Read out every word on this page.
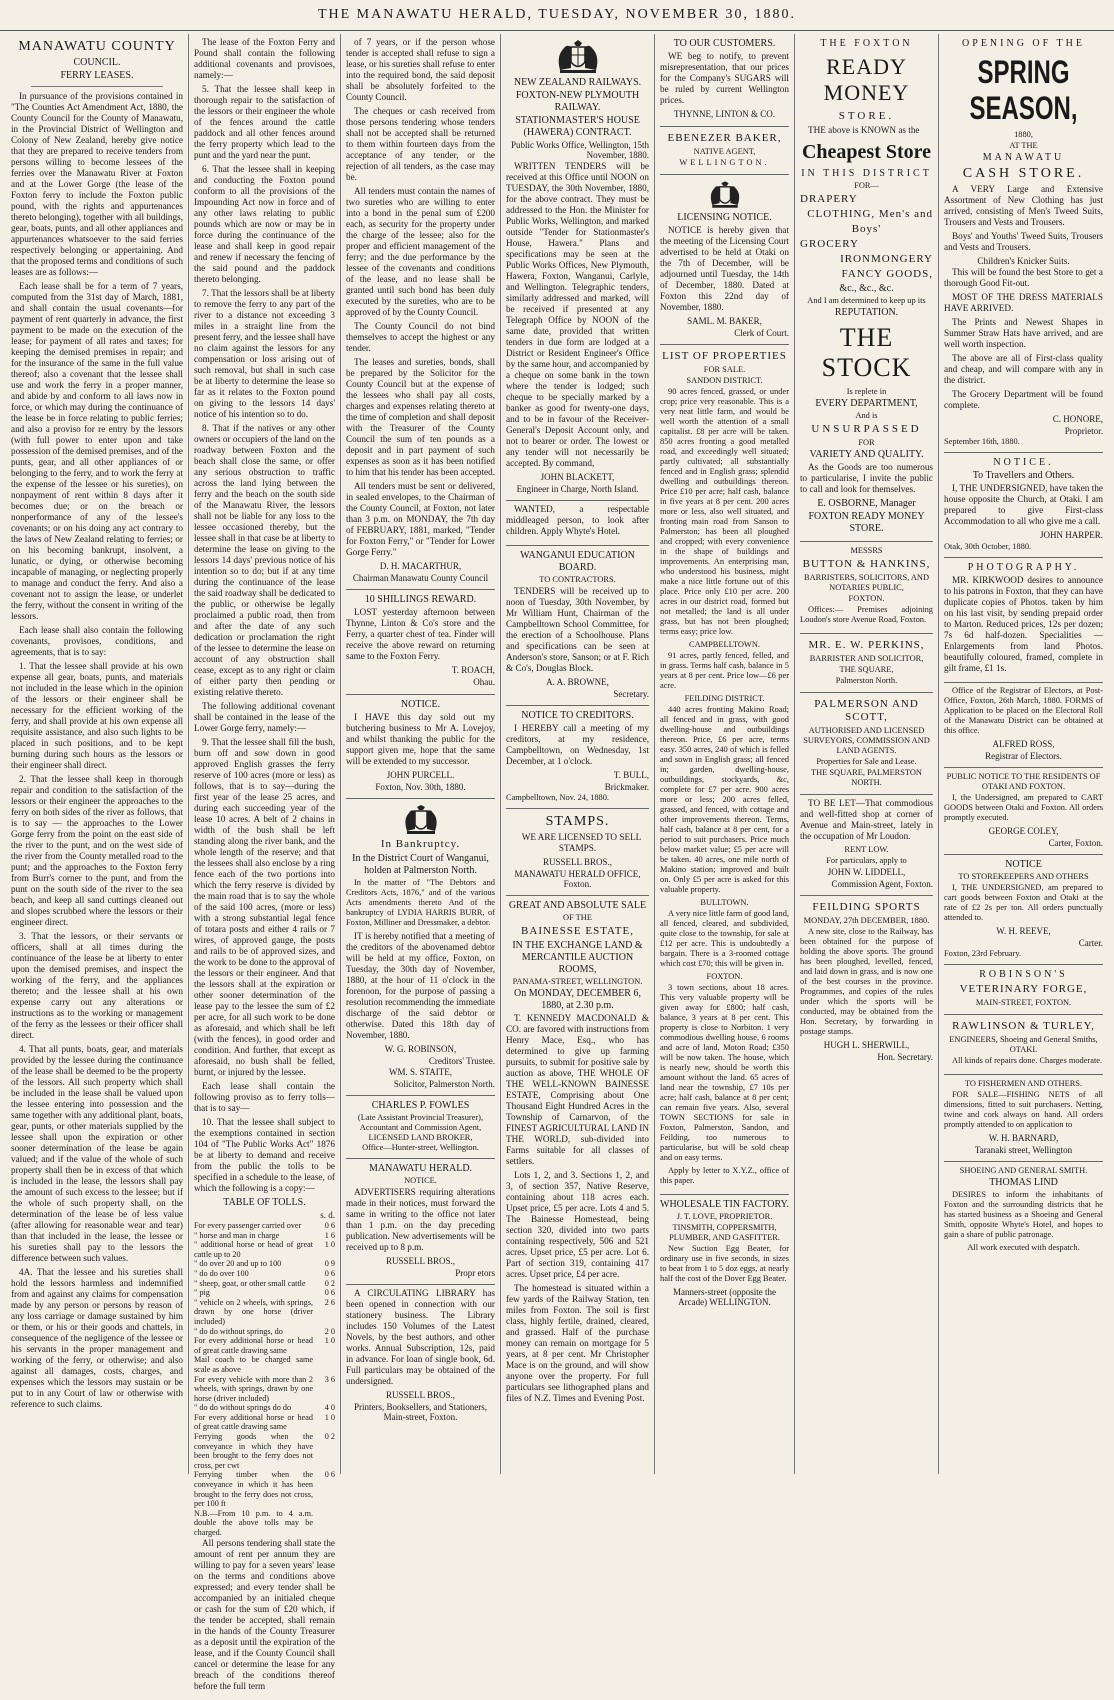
THE MANAWATU HERALD, TUESDAY, NOVEMBER 30, 1880.
MANAWATU COUNTY
COUNCIL.
FERRY LEASES.

In pursuance of the provisions contained in "The Counties Act Amendment Act, 1880, the County Council for the County of Manawatu, in the Provincial District of Wellington and Colony of New Zealand, hereby give notice that they are prepared to receive tenders from persons willing to become lessees of the ferries over the Manawatu River at Foxton and at the Lower Gorge (the lease of the Foxton ferry to include the Foxton public pound, with the rights and appurtenances thereto belonging), together with all buildings, gear, boats, punts, and all other appliances and appurtenances whatsoever to the said ferries respectively belonging or appertaining. And that the proposed terms and conditions of such leases are as follows:—

Each lease shall be for a term of 7 years, computed from the 31st day of March, 1881, and shall contain the usual covenants—for payment of rent quarterly in advance, the first payment to be made on the execution of the lease; for payment of all rates and taxes; for keeping the demised premises in repair; and for the insurance of the same in the full value thereof; also a covenant that the lessee shall use and work the ferry in a proper manner, and abide by and conform to all laws now in force, or which may during the continuance of the lease be in force relating to public ferries; and also a proviso for re entry by the lessors (with full power to enter upon and take possession of the demised premises, and of the punts, gear, and all other appliances of or belonging to the ferry, and to work the ferry at the expense of the lessee or his sureties), on nonpayment of rent within 8 days after it becomes due; or on the breach or nonperformance of any of the lessee's covenants; or on his doing any act contrary to the laws of New Zealand relating to ferries; or on his becoming bankrupt, insolvent, a lunatic, or dying, or otherwise becoming incapable of managing, or neglecting properly to manage and conduct the ferry. And also a covenant not to assign the lease, or underlet the ferry, without the consent in writing of the lessors.

Each lease shall also contain the following covenants, provisoes, conditions, and agreements, that is to say:

1. That the lessee shall provide at his own expense all gear, boats, punts, and materials not included in the lease which in the opinion of the lessors or their engineer shall be necessary for the efficient working of the ferry, and shall provide at his own expense all requisite assistance, and also such lights to be placed in such positions, and to be kept burning during such hours as the lessors or their engineer shall direct.

2. That the lessee shall keep in thorough repair and condition to the satisfaction of the lessors or their engineer the approaches to the ferry on both sides of the river as follows, that is to say — the approaches to the Lower Gorge ferry from the point on the east side of the river to the punt, and on the west side of the river from the County metalled road to the punt; and the approaches to the Foxton ferry from Burr's corner to the punt, and from the punt on the south side of the river to the sea beach, and keep all sand cuttings cleaned out and slopes scrubbed where the lessors or their engineer direct.

3. That the lessors, or their servants or officers, shall at all times during the continuance of the lease be at liberty to enter upon the demised premises, and inspect the working of the ferry, and the appliances thereto; and the lessee shall at his own expense carry out any alterations or instructions as to the working or management of the ferry as the lessees or their officer shall direct.

4. That all punts, boats, gear, and materials provided by the lessee during the continuance of the lease shall be deemed to be the property of the lessors. All such property which shall be included in the lease shall be valued upon the lessee entering into possession and the same together with any additional plant, boats, gear, punts, or other materials supplied by the lessee shall upon the expiration or other sooner determination of the lease be again valued; and if the value of the whole of such property shall then be in excess of that which is included in the lease, the lessors shall pay the amount of such excess to the lessee; but if the whole of such property shall, on the determination of the lease be of less value (after allowing for reasonable wear and tear) than that included in the lease, the lessee or his sureties shall pay to the lessors the difference between such values.

4A. That the lessee and his sureties shall hold the lessors harmless and indemnified from and against any claims for compensation made by any person or persons by reason of any loss carriage or damage sustained by him or them, or his or their goods and chattels, in consequence of the negligence of the lessee or his servants in the proper management and working of the ferry, or otherwise; and also against all damages, costs, charges, and expenses which the lessors may sustain or be put to in any Court of law or otherwise with reference to such claims.

The lease of the Foxton Ferry and Pound shall contain the following additional covenants and provisoes, namely:—

5. That the lessee shall keep in thorough repair to the satisfaction of the lessors or their engineer the whole of the fences around the cattle paddock and all other fences around the ferry property which lead to the punt and the yard near the punt.

6. That the lessee shall in keeping and conducting the Foxton pound conform to all the provisions of the Impounding Act now in force and of any other laws relating to public pounds which are now or may be in force during the continuance of the lease and shall keep in good repair and renew if necessary the fencing of the said pound and the paddock thereto belonging.

7. That the lessors shall be at liberty to remove the ferry to any part of the river to a distance not exceeding 3 miles in a straight line from the present ferry, and the lessee shall have no claim against the lessors for any compensation or loss arising out of such removal, but shall in such case be at liberty to determine the lease so far as it relates to the Foxton pound on giving to the lessors 14 days' notice of his intention so to do.

8. That if the natives or any other owners or occupiers of the land on the roadway between Foxton and the beach shall close the same, or offer any serious obstruction to traffic across the land lying between the ferry and the beach on the south side of the Manawatu River, the lessors shall not be liable for any loss to the lessee occasioned thereby, but the lessee shall in that case be at liberty to determine the lease on giving to the lessors 14 days' previous notice of his intention so to do; but if at any time during the continuance of the lease the said roadway shall be dedicated to the public, or otherwise be legally proclaimed a public road, then from and after the date of any such dedication or proclamation the right of the lessee to determine the lease on account of any obstruction shall cease, except as to any right or claim of either party then pending or existing relative thereto.

The following additional covenant shall be contained in the lease of the Lower Gorge ferry, namely:—

9. That the lessee shall fill the bush, burn off and sow down in good approved English grasses the ferry reserve of 100 acres (more or less) as follows, that is to say—during the first year of the lease 25 acres, and during each succeeding year of the lease 10 acres. A belt of 2 chains in width of the bush shall be left standing along the river bank, and the whole length of the reserve; and that the lessees shall also enclose by a ring fence each of the two portions into which the ferry reserve is divided by the main road that is to say the whole of the said 100 acres, (more or less) with a strong substantial legal fence of totara posts and either 4 rails or 7 wires, of approved gauge, the posts and rails to be of approved sizes, and the work to be done to the approval of the lessors or their engineer. And that the lessors shall at the expiration or other sooner determination of the lease pay to the lessee the sum of £2 per acre, for all such work to be done as aforesaid, and which shall be left (with the fences), in good order and condition. And further, that except as aforesaid, no bush shall be felled, burnt, or injured by the lessee.

Each lease shall contain the following proviso as to ferry tolls—that is to say—

10. That the lessee shall subject to the exemptions contained in section 104 of "The Public Works Act" 1876 be at liberty to demand and receive from the public the tolls to be specified in a schedule to the lease, of which the following is a copy:—

TABLE OF TOLLS.
s. d.
For every passenger carried over	0 6
" horse and man in charge	1 6
" additional horse or head of great cattle up to 20	1 0
" do over 20 and up to 100	0 9
" do do over 100	0 6
" sheep, goat, or other small cattle	0 2
" pig	0 6
" vehicle on 2 wheels, with springs, drawn by one horse (driver included)	2 6
" do do without springs, do	2 0
For every additional horse or head of great cattle drawing same	1 0
Mail coach to be charged same scale as above	
For every vehicle with more than 2 wheels, with springs, drawn by one horse (driver included)	3 6
" do do without springs do do	4 0
For every additional horse or head of great cattle drawing same	1 0
Ferrying goods when the conveyance in which they have been brought to the ferry does not cross, per cwt	0 2
Ferrying timber when the conveyance in which it has been brought to the ferry does not cross, per 100 ft	0 6
N.B.—From 10 p.m. to 4 a.m. double the above tolls may be charged.	

All persons tendering shall state the amount of rent per annum they are willing to pay for a seven years' lease on the terms and conditions above expressed; and every tender shall be accompanied by an initialed cheque or cash for the sum of £20 which, if the tender be accepted, shall remain in the hands of the County Treasurer as a deposit until the expiration of the lease, and if the County Council shall cancel or determine the lease for any breach of the conditions thereof before the full term

of 7 years, or if the person whose tender is accepted shall refuse to sign a lease, or his sureties shall refuse to enter into the required bond, the said deposit shall be absolutely forfeited to the County Council.

The cheques or cash received from those persons tendering whose tenders shall not be accepted shall be returned to them within fourteen days from the acceptance of any tender, or the rejection of all tenders, as the case may be.

All tenders must contain the names of two sureties who are willing to enter into a bond in the penal sum of £200 each, as security for the property under the charge of the lessee; also for the proper and efficient management of the ferry; and the due performance by the lessee of the covenants and conditions of the lease, and no lease shall be granted until such bond has been duly executed by the sureties, who are to be approved of by the County Council.

The County Council do not bind themselves to accept the highest or any tender.

The leases and sureties, bonds, shall be prepared by the Solicitor for the County Council but at the expense of the lessees who shall pay all costs, charges and expenses relating thereto at the time of completion and shall deposit with the Treasurer of the County Council the sum of ten pounds as a deposit and in part payment of such expenses as soon as it has been notified to him that his tender has been accepted.

All tenders must be sent or delivered, in sealed envelopes, to the Chairman of the County Council, at Foxton, not later than 3 p.m. on MONDAY, the 7th day of FEBRUARY, 1881, marked, "Tender for Foxton Ferry," or "Tender for Lower Gorge Ferry."

D. H. MACARTHUR,
Chairman Manawatu County Council
10 SHILLINGS REWARD.

LOST yesterday afternoon between Thynne, Linton & Co's store and the Ferry, a quarter chest of tea. Finder will receive the above reward on returning same to the Foxton Ferry.

T. ROACH,
Ohau.
NOTICE.

I HAVE this day sold out my butchering business to Mr A. Lovejoy, and whilst thanking the public for the support given me, hope that the same will be extended to my successor.

JOHN PURCELL.
Foxton, Nov. 30th, 1880.
In Bankruptcy.
In the District Court of Wanganui, holden at Palmerston North.

In the matter of "The Debtors and Creditors Acts, 1876," and of the various Acts amendments thereto And of the bankruptcy of LYDIA HARRIS BURR, of Foxton, Milliner and Dressmaker, a debtor.

IT is hereby notified that a meeting of the creditors of the abovenamed debtor will be held at my office, Foxton, on Tuesday, the 30th day of November, 1880, at the hour of 11 o'clock in the forenoon, for the purpose of passing a resolution recommending the immediate discharge of the said debtor or otherwise. Dated this 18th day of November, 1880.

W. G. ROBINSON,
Creditors' Trustee.
WM. S. STAITE,
Solicitor, Palmerston North.
CHARLES P. FOWLES
(Late Assistant Provincial Treasurer), Accountant and Commission Agent, LICENSED LAND BROKER,
Office—Hunter-street, Wellington.
MANAWATU HERALD.
NOTICE.

ADVERTISERS requiring alterations made in their notices, must forward the same in writing to the office not later than 1 p.m. on the day preceding publication. New advertisements will be received up to 8 p.m.

RUSSELL BROS.,
Propr etors

A CIRCULATING LIBRARY has been opened in connection with our stationery business. The Library includes 150 Volumes of the Latest Novels, by the best authors, and other works. Annual Subscription, 12s, paid in advance. For loan of single book, 6d. Full particulars may be obtained of the undersigned.

RUSSELL BROS.,
Printers, Booksellers, and Stationers, Main-street, Foxton.
NEW ZEALAND RAILWAYS.
FOXTON-NEW PLYMOUTH RAILWAY.
STATIONMASTER'S HOUSE (HAWERA) CONTRACT.
Public Works Office, Wellington, 15th November, 1880.

WRITTEN TENDERS will be received at this Office until NOON on TUESDAY, the 30th November, 1880, for the above contract. They must be addressed to the Hon. the Minister for Public Works, Wellington, and marked outside "Tender for Stationmaster's House, Hawera." Plans and specifications may be seen at the Public Works Offices, New Plymouth, Hawera, Foxton, Wanganui, Carlyle, and Wellington. Telegraphic tenders, similarly addressed and marked, will be received if presented at any Telegraph Office by NOON of the same date, provided that written tenders in due form are lodged at a District or Resident Engineer's Office by the same hour, and accompanied by a cheque on some bank in the town where the tender is lodged; such cheque to be specially marked by a banker as good for twenty-one days, and to be in favour of the Receiver-General's Deposit Account only, and not to bearer or order. The lowest or any tender will not necessarily be accepted. By command,

JOHN BLACKETT,
Engineer in Charge, North Island.

WANTED, a respectable middleaged person, to look after children. Apply Whyte's Hotel.

WANGANUI EDUCATION BOARD.
TO CONTRACTORS.

TENDERS will be received up to noon of Tuesday, 30th November, by Mr William Hunt, Chairman of the Campbelltown School Committee, for the erection of a Schoolhouse. Plans and specifications can be seen at Anderson's store, Sanson; or at F. Rich & Co's, Douglas Block.

A. A. BROWNE,
Secretary.
NOTICE TO CREDITORS.

I HEREBY call a meeting of my creditors, at my residence, Campbelltown, on Wednesday, 1st December, at 1 o'clock.

T. BULL,
Brickmaker.
Campbelltown, Nov. 24, 1880.
STAMPS.

WE ARE LICENSED TO SELL STAMPS.

RUSSELL BROS.,
MANAWATU HERALD OFFICE, Foxton.
GREAT AND ABSOLUTE SALE
OF THE
BAINESSE ESTATE,
IN THE EXCHANGE LAND & MERCANTILE AUCTION ROOMS,
PANAMA-STREET, WELLINGTON.
On MONDAY, DECEMBER 6, 1880, at 2.30 p.m.

T. KENNEDY MACDONALD & CO. are favored with instructions from Henry Mace, Esq., who has determined to give up farming pursuits, to submit for positive sale by auction as above, THE WHOLE OF THE WELL-KNOWN BAINESSE ESTATE, Comprising about One Thousand Eight Hundred Acres in the Township of Carnarvon, of the FINEST AGRICULTURAL LAND IN THE WORLD, sub-divided into Farms suitable for all classes of settlers.

Lots 1, 2, and 3. Sections 1, 2, and 3, of section 357, Native Reserve, containing about 118 acres each. Upset price, £5 per acre. Lots 4 and 5. The Bainesse Homestead, being section 320, divided into two parts containing respectively, 506 and 521 acres. Upset price, £5 per acre. Lot 6. Part of section 319, containing 417 acres. Upset price, £4 per acre.

The homestead is situated within a few yards of the Railway Station, ten miles from Foxton. The soil is first class, highly fertile, drained, cleared, and grassed. Half of the purchase money can remain on mortgage for 5 years, at 8 per cent. Mr Christopher Mace is on the ground, and will show anyone over the property. For full particulars see lithographed plans and files of N.Z. Times and Evening Post.

TO OUR CUSTOMERS.

WE beg to notify, to prevent misrepresentation, that our prices for the Company's SUGARS will be ruled by current Wellington prices.

THYNNE, LINTON & CO.
EBENEZER BAKER,
NATIVE AGENT,
WELLINGTON.
LICENSING NOTICE.

NOTICE is hereby given that the meeting of the Licensing Court advertised to be held at Otaki on the 7th of December, will be adjourned until Tuesday, the 14th of December, 1880. Dated at Foxton this 22nd day of November, 1880.

SAML. M. BAKER,
Clerk of Court.
LIST OF PROPERTIES
FOR SALE.
SANDON DISTRICT.

90 acres fenced, grassed, or under crop; price very reasonable. This is a very neat little farm, and would be well worth the attention of a small capitalist. £8 per acre will be taken. 850 acres fronting a good metalled road, and exceedingly well situated; partly cultivated; all substantially fenced and in English grass; splendid dwelling and outbuildings thereon. Price £10 per acre; half cash, balance in five years at 8 per cent. 200 acres more or less, also well situated, and fronting main road from Sanson to Palmerston; has been all ploughed and cropped; with every convenience in the shape of buildings and improvements. An enterprising man, who understood his business, might make a nice little fortune out of this place. Price only £10 per acre. 200 acres in our district road, formed but not metalled; the land is all under grass, but has not been ploughed; terms easy; price low.

CAMPBELLTOWN.

91 acres, partly fenced, felled, and in grass. Terms half cash, balance in 5 years at 8 per cent. Price low—£6 per acre.

FEILDING DISTRICT.

440 acres fronting Makino Road; all fenced and in grass, with good dwelling-house and outbuildings thereon. Price, £6 per acre, terms easy. 350 acres, 240 of which is felled and sown in English grass; all fenced in; garden, dwelling-house, outbuildings, stockyards, &c, complete for £7 per acre. 900 acres more or less; 200 acres felled, grassed, and fenced, with cottage and other improvements thereon. Terms, half cash, balance at 8 per cent, for a period to suit purchasers. Price much below market value; £5 per acre will be taken. 40 acres, one mile north of Makino station; improved and built on. Only £5 per acre is asked for this valuable property.

BULLTOWN.

A very nice little farm of good land, all fenced, cleared, and subdivided, quite close to the township, for sale at £12 per acre. This is undoubtedly a bargain. There is a 3-roomed cottage which cost £70; this will be given in.

FOXTON.

3 town sections, about 18 acres. This very valuable property will be given away for £800; half cash, balance, 3 years at 8 per cent. This property is close to Norbiton. 1 very commodious dwelling house, 6 rooms and acre of land, Moton Road; £350 will be now taken. The house, which is nearly new, should be worth this amount without the land. 65 acres of land near the township, £7 10s per acre; half cash, balance at 8 per cent; can remain five years. Also, several TOWN SECTIONS for sale in Foxton, Palmerston, Sandon, and Feilding, too numerous to particularise, but will be sold cheap and on easy terms.

Apply by letter to X.Y.Z., office of this paper.

WHOLESALE TIN FACTORY.
J. T. LOVE, PROPRIETOR.
TINSMITH, COPPERSMITH, PLUMBER, AND GASFITTER.

New Suction Egg Beater, for ordinary use in five seconds, in sizes to beat from 1 to 5 doz eggs, at nearly half the cost of the Dover Egg Beater.

Manners-street (opposite the Arcade) WELLINGTON.
THE FOXTON
READY MONEY
STORE.

THE above is KNOWN as the

Cheapest Store
IN THIS DISTRICT
FOR—
DRAPERY
CLOTHING, Men's and
Boys'
GROCERY
IRONMONGERY
FANCY GOODS,
&c., &c., &c.
And I am determined to keep up its
REPUTATION.
THE STOCK
Is replete in
EVERY DEPARTMENT,
And is
UNSURPASSED
FOR
VARIETY AND QUALITY.

As the Goods are too numerous to particularise, I invite the public to call and look for themselves.

E. OSBORNE, Manager
FOXTON READY MONEY STORE.
MESSRS
BUTTON & HANKINS,
BARRISTERS, SOLICITORS, AND NOTARIES PUBLIC,
FOXTON.

Offices:— Premises adjoining Loudon's store Avenue Road, Foxton.

MR. E. W. PERKINS,
BARRISTER AND SOLICITOR,
THE SQUARE,
Palmerston North.
PALMERSON AND SCOTT,
AUTHORISED AND LICENSED SURVEYORS, COMMISSION AND LAND AGENTS.
Properties for Sale and Lease.
THE SQUARE, PALMERSTON NORTH.

TO BE LET—That commodious and well-fitted shop at corner of Avenue and Main-street, lately in the occupation of Mr Loudon.

RENT LOW.
For particulars, apply to
JOHN W. LIDDELL,
Commission Agent, Foxton.
FEILDING SPORTS
MONDAY, 27th DECEMBER, 1880.

A new site, close to the Railway, has been obtained for the purpose of holding the above sports. The ground has been ploughed, levelled, fenced, and laid down in grass, and is now one of the best courses in the province. Programmes, and copies of the rules under which the sports will be conducted, may be obtained from the Hon. Secretary, by forwarding in postage stamps.

HUGH L. SHERWILL,
Hon. Secretary.
OPENING OF THE
SPRING SEASON,
1880,
AT THE
MANAWATU
CASH STORE.

A VERY Large and Extensive Assortment of New Clothing has just arrived, consisting of Men's Tweed Suits, Trousers and Vests and Trousers.

Boys' and Youths' Tweed Suits, Trousers and Vests and Trousers.

Children's Knicker Suits.

This will be found the best Store to get a thorough Good Fit-out.

MOST OF THE DRESS MATERIALS HAVE ARRIVED.

The Prints and Newest Shapes in Summer Straw Hats have arrived, and are well worth inspection.

The above are all of First-class quality and cheap, and will compare with any in the district.

The Grocery Department will be found complete.

C. HONORE,
Proprietor.
September 16th, 1880.
NOTICE.
To Travellers and Others.

I, THE UNDERSIGNED, have taken the house opposite the Church, at Otaki. I am prepared to give First-class Accommodation to all who give me a call.

JOHN HARPER.
Otak, 30th October, 1880.
PHOTOGRAPHY.

MR. KIRKWOOD desires to announce to his patrons in Foxton, that they can have duplicate copies of Photos. taken by him on his last visit, by sending prepaid order to Marton. Reduced prices, 12s per dozen; 7s 6d half-dozen. Specialities — Enlargements from land Photos. beautifully coloured, framed, complete in gilt frame, £1 1s.

Office of the Registrar of Electors, at Post-Office, Foxton, 26th March, 1880. FORMS of Application to be placed on the Electoral Roll of the Manawatu District can be obtained at this office.

ALFRED ROSS,
Registrar of Electors.
PUBLIC NOTICE TO THE RESIDENTS OF OTAKI AND FOXTON.

I, the Undersigned, am prepared to CART GOODS between Otaki and Foxton. All orders promptly executed.

GEORGE COLEY,
Carter, Foxton.
NOTICE
TO STOREKEEPERS AND OTHERS

I, THE UNDERSIGNED, am prepared to cart goods between Foxton and Otaki at the rate of £2 2s per ton. All orders punctually attended to.

W. H. REEVE,
Carter.
Foxton, 23rd February.
ROBINSON'S
VETERINARY FORGE,
MAIN-STREET, FOXTON.
RAWLINSON & TURLEY,
ENGINEERS, Shoeing and General Smiths, OTAKI.

All kinds of repairs done. Charges moderate.

TO FISHERMEN AND OTHERS.

FOR SALE—FISHING NETS of all dimensions, fitted to suit purchasers. Netting, twine and cork always on hand. All orders promptly attended to on application to

W. H. BARNARD,
Taranaki street, Wellington
SHOEING AND GENERAL SMITH.
THOMAS LIND

DESIRES to inform the inhabitants of Foxton and the surrounding districts that he has started business as a Shoeing and General Smith, opposite Whyte's Hotel, and hopes to gain a share of public patronage.

All work executed with despatch.
